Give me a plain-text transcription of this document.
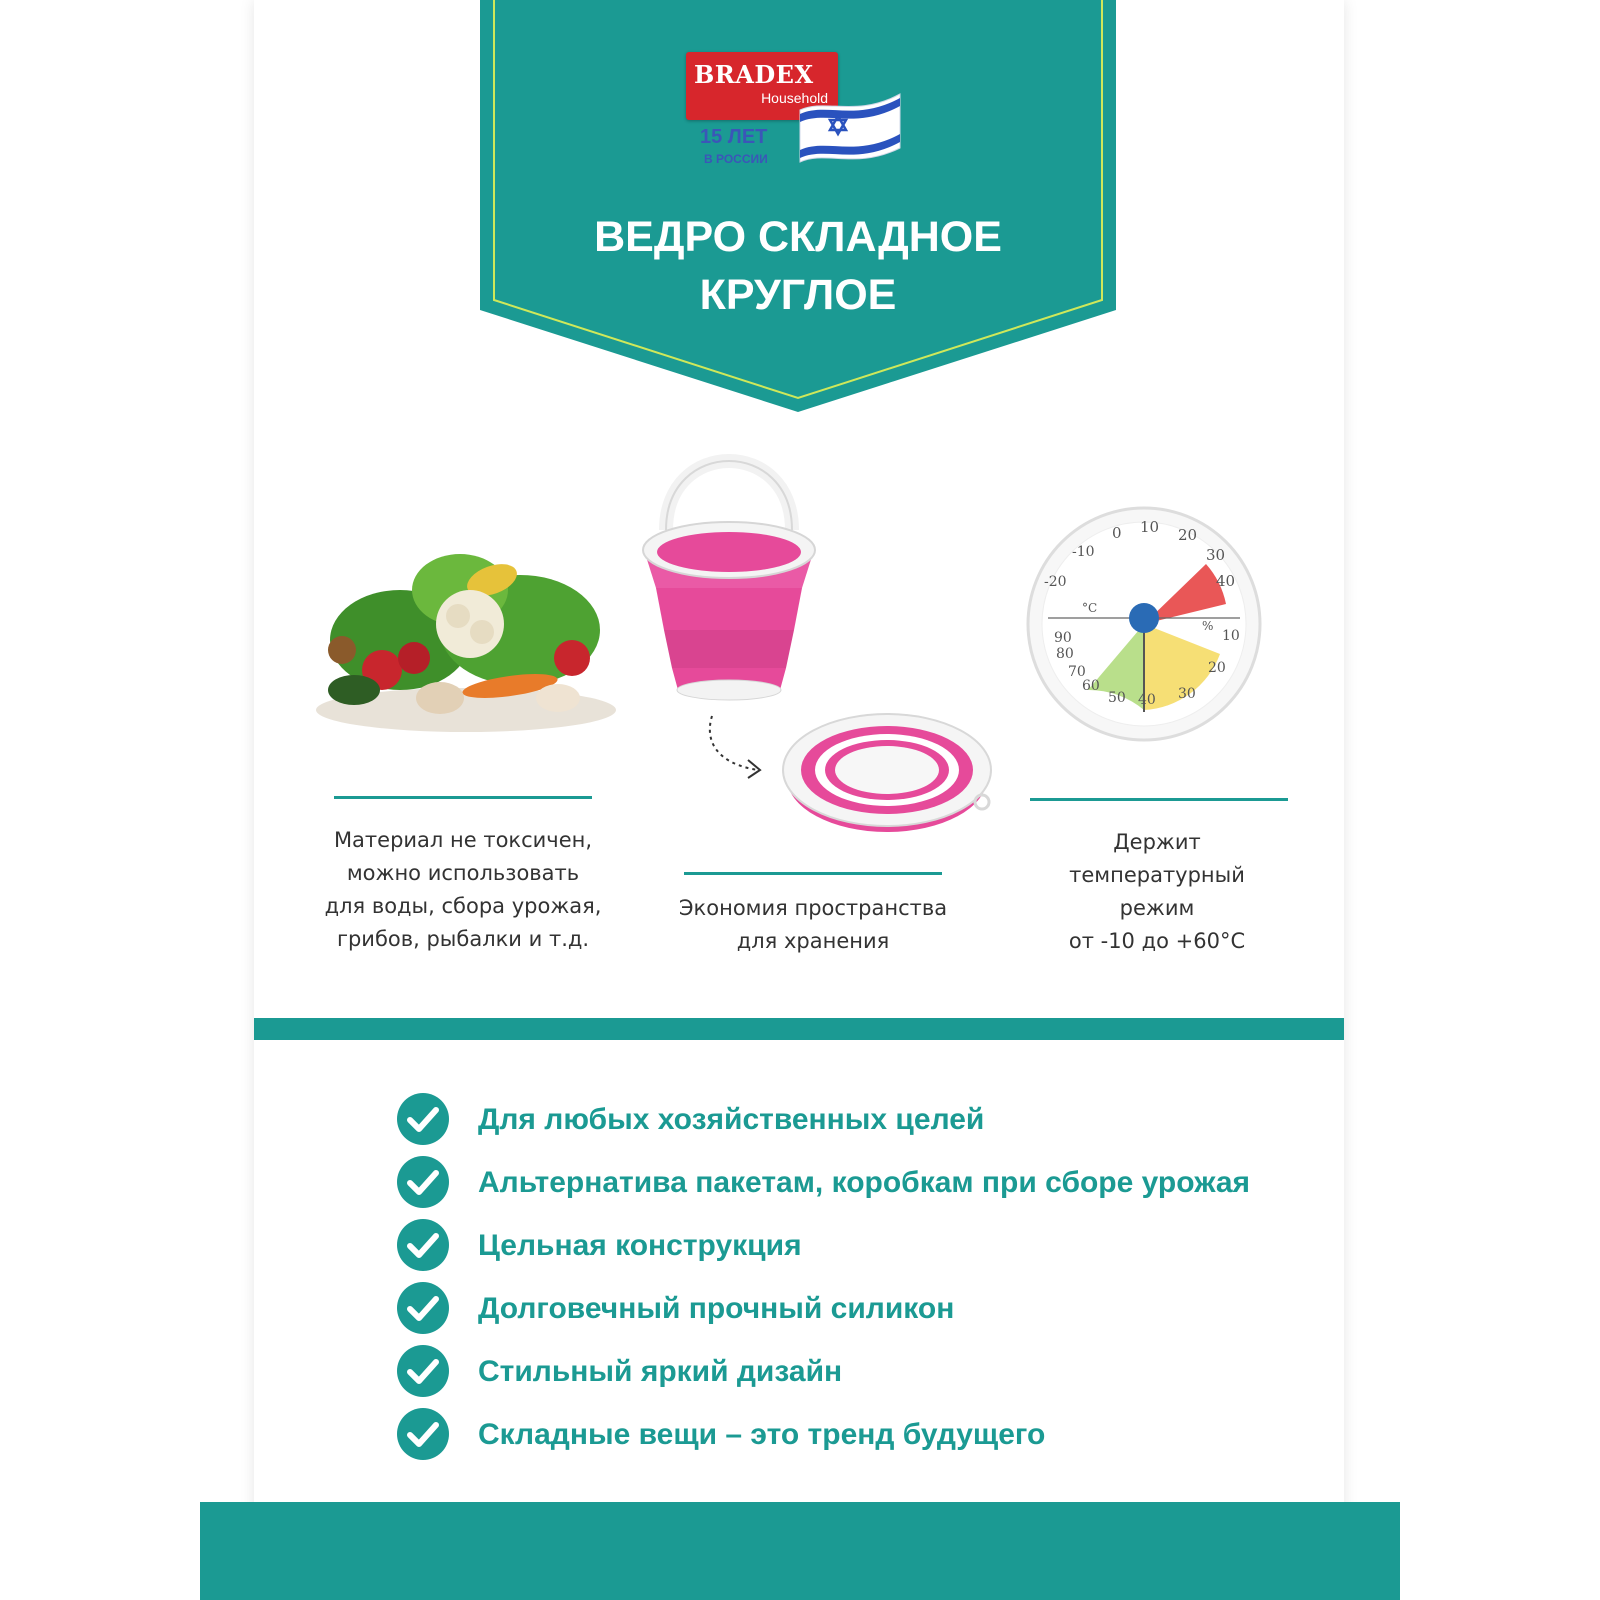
BRADEX
Household
15 ЛЕТ
В РОССИИ
ВЕДРО СКЛАДНОЕ
КРУГЛОЕ
-20
-10
0 10 20
30
40
°C
%
90
80
70
60
50
10
20
30
40
Материал не токсичен,
можно использовать
для воды, сбора урожая,
грибов, рыбалки и т.д.
Экономия пространства
для хранения
Держит
температурный
режим
от -10 до +60°С
Для любых хозяйственных целей
Альтернатива пакетам, коробкам при сборе урожая
Цельная конструкция
Долговечный прочный силикон
Стильный яркий дизайн
Складные вещи – это тренд будущего
